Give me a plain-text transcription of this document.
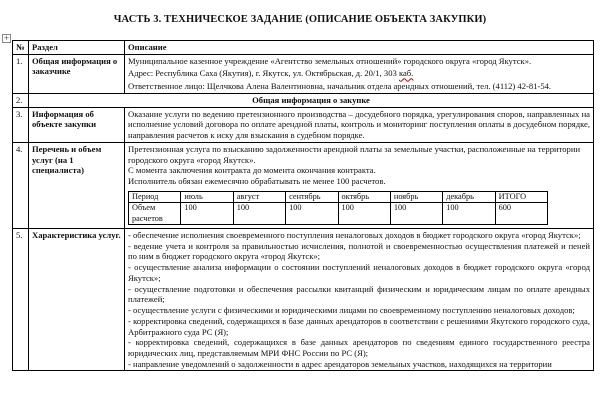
ЧАСТЬ 3. ТЕХНИЧЕСКОЕ ЗАДАНИЕ (ОПИСАНИЕ ОБЪЕКТА ЗАКУПКИ)
+
№	Раздел	Описание
1.	Общая информация о заказчике	

Муниципальное казенное учреждение «Агентство земельных отношений» городского округа «город Якутск».

Адрес: Республика Саха (Якутия), г. Якутск, ул. Октябрьская, д. 20/1, 303 каб.

Ответственное лицо: Щелчкова Алена Валентиновна, начальник отдела арендных отношений, тел. (4112) 42-81-54.

2.	Общая информация о закупке
3.	Информация об объекте закупки	Оказание услуги по ведению претензионного производства – досудебного порядка, урегулирования споров, направленных на исполнение условий договора по оплате арендной платы, контроль и мониторинг поступления оплаты в досудебном порядке, направления расчетов к иску для взыскания в судебном порядке.
4.	Перечень и объем услуг (на 1 специалиста)	

Претензионная услуга по взысканию задолженности арендной платы за земельные участки, расположенные на территории городского округа «город Якутск».

С момента заключения контракта до момента окончания контракта.

Исполнитель обязан ежемесячно обрабатывать не менее 100 расчетов.

Период	июль	август	сентябрь	октябрь	ноябрь	декабрь	ИТОГО
Объем расчетов	100	100	100	100	100	100	600

5.	Характеристика услуг.	- обеспечение исполнения своевременного поступления неналоговых доходов в бюджет городского округа «город Якутск»;

- ведение учета и контроля за правильностью исчисления, полнотой и своевременностью осуществления платежей и пеней по ним в бюджет городского округа «город Якутск»;

- осуществление анализа информации о состоянии поступлений неналоговых доходов в бюджет городского округа «город Якутск»;

- осуществление подготовки и обеспечения рассылки квитанций физическим и юридическим лицам по оплате арендных платежей;

- осуществление услуги с физическими и юридическими лицами по своевременному поступлению неналоговых доходов;

- корректировка сведений, содержащихся в базе данных арендаторов в соответствии с решениями Якутского городского суда, Арбитражного суда РС (Я);

- корректировка сведений, содержащихся в базе данных арендаторов по сведениям единого государственного реестра юридических лиц, представляемым МРИ ФНС России по РС (Я);

- направление уведомлений о задолженности в адрес арендаторов земельных участков, находящихся на территории
